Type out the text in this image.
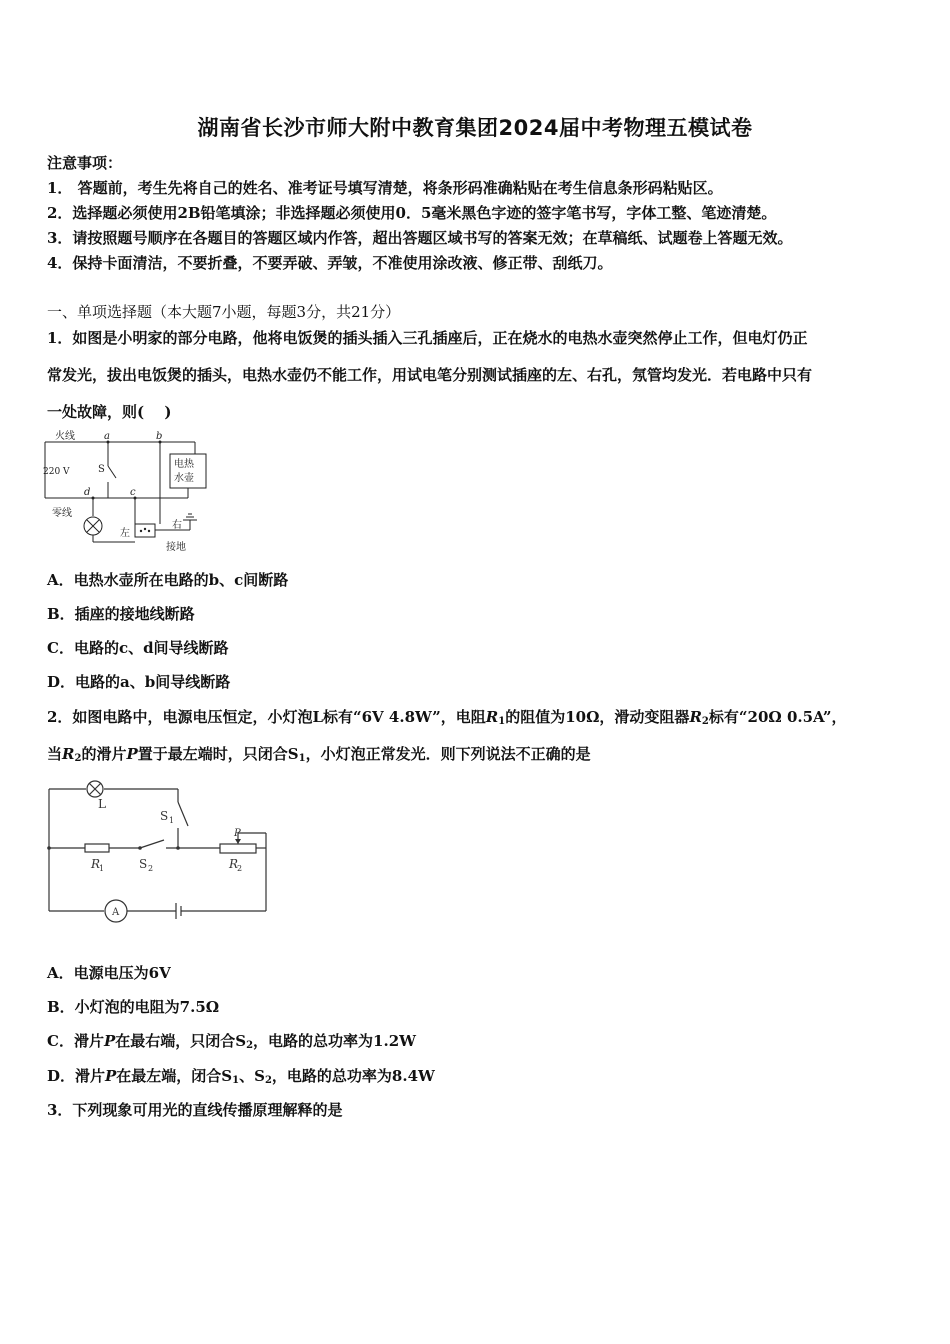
湖南省长沙市师大附中教育集团2024届中考物理五模试卷
注意事项：
1． 答题前，考生先将自己的姓名、准考证号填写清楚，将条形码准确粘贴在考生信息条形码粘贴区。
2．选择题必须使用2B铅笔填涂；非选择题必须使用0．5毫米黑色字迹的签字笔书写，字体工整、笔迹清楚。
3．请按照题号顺序在各题目的答题区域内作答，超出答题区域书写的答案无效；在草稿纸、试题卷上答题无效。
4．保持卡面清洁，不要折叠，不要弄破、弄皱，不准使用涂改液、修正带、刮纸刀。
一、单项选择题（本大题7小题，每题3分，共21分）
1．如图是小明家的部分电路，他将电饭煲的插头插入三孔插座后，正在烧水的电热水壶突然停止工作，但电灯仍正
常发光，拔出电饭煲的插头，电热水壶仍不能工作，用试电笔分别测试插座的左、右孔，氖管均发光．若电路中只有
一处故障，则(　 )
火线	a	b
220 V	S	电热
水壶
d	c
零线
左
右
接地
A．电热水壶所在电路的b、c间断路
B．插座的接地线断路
C．电路的c、d间导线断路
D．电路的a、b间导线断路
2．如图电路中，电源电压恒定，小灯泡L标有“6V 4.8W”，电阻$R_1$的阻值为10Ω，滑动变阻器$R_2$标有“20Ω 0.5A”，
当$R_2$的滑片P置于最左端时，只闭合$S_1$，小灯泡正常发光．则下列说法不正确的是
L
S 1
R
1	S 2
P
R
2
A
A．电源电压为6V
B．小灯泡的电阻为7.5Ω
C．滑片P在最右端，只闭合$S_2$，电路的总功率为1.2W
D．滑片P在最左端，闭合$S_1$、$S_2$，电路的总功率为8.4W
3．下列现象可用光的直线传播原理解释的是
